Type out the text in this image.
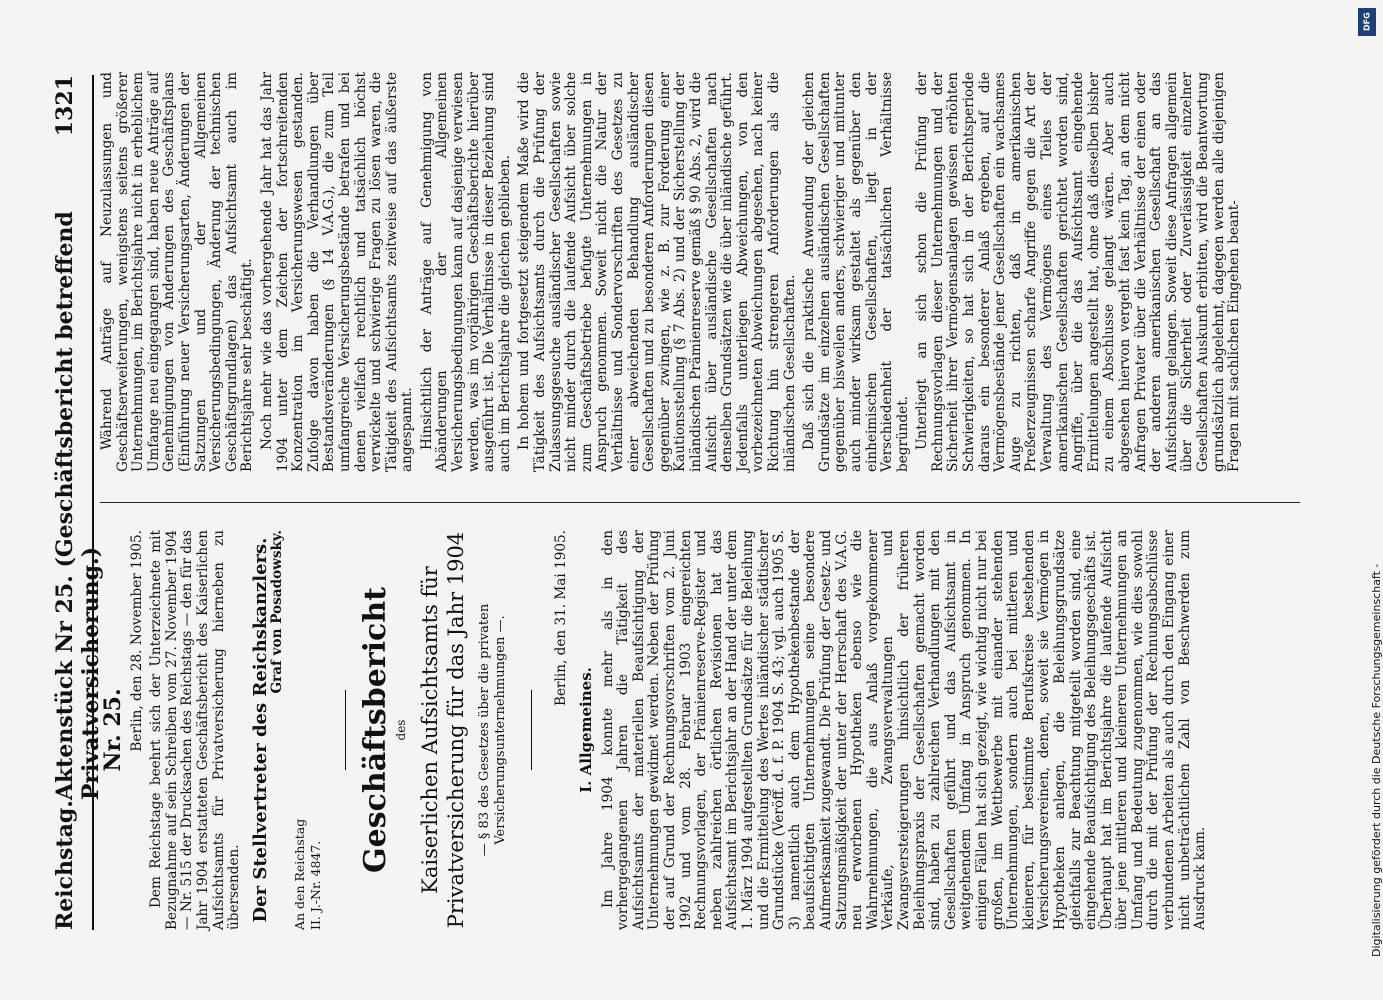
Reichstag.
Aktenstück Nr 25. (Geschäftsbericht betreffend Privatversicherung.)
1321
Nr. 25. Berlin, den 28. November 1905. Dem Reichstage beehrt sich der Unterzeichnete mit Bezugnahme auf sein Schreiben vom 27. November 1904 — Nr. 515 der Drucksachen des Reichstags — den für das Jahr 1904 erstatteten Geschäftsbericht des Kaiserlichen Aufsichtsamts für Privatversicherung hierneben zu übersenden. Der Stellvertreter des Reichskanzlers.
Graf von Posadowsky.
An den Reichstag II. J.-Nr. 4847.
Geschäftsbericht des Kaiserlichen Aufsichtsamts für Privatversicherung für das Jahr 1904 — § 83 des Gesetzes über die privaten Versicherungsunternehmungen —.	Berlin, den 31. Mai 1905.
I. Allgemeines. Im Jahre 1904 konnte mehr als in den vorhergegangenen Jahren die Tätigkeit des Aufsichtsamts der materiellen Beaufsichtigung der Unternehmungen gewidmet werden. Neben der Prüfung der auf Grund der Rechnungsvorschriften vom 2. Juni 1902 und vom 28. Februar 1903 eingereichten Rechnungsvorlagen, der Prämienreserve-Register und neben zahlreichen örtlichen Revisionen hat das Aufsichtsamt im Berichtsjahr an der Hand der unter dem 1. März 1904 aufgestellten Grundsätze für die Beleihung und die Ermittelung des Wertes inländischer städtischer Grundstücke (Veröff. d. f. P. 1904 S. 43; vgl. auch 1905 S. 3) namentlich auch dem Hypothekenbestande der beaufsichtigten Unternehmungen seine besondere Aufmerksamkeit zugewandt. Die Prüfung der Gesetz- und Satzungsmäßigkeit der unter der Herrschaft des V.A.G. neu erworbenen Hypotheken ebenso wie die Wahrnehmungen, die aus Anlaß vorgekommener Verkäufe, Zwangsverwaltungen und Zwangsversteigerungen hinsichtlich der früheren Beleihungspraxis der Gesellschaften gemacht worden sind, haben zu zahlreichen Verhandlungen mit den Gesellschaften geführt und das Aufsichtsamt in weitgehendem Umfang in Anspruch genommen. In einigen Fällen hat sich gezeigt, wie wichtig nicht nur bei großen, im Wettbewerbe mit einander stehenden Unternehmungen, sondern auch bei mittleren und kleineren, für bestimmte Berufskreise bestehenden Versicherungsvereinen, denen, soweit sie Vermögen in Hypotheken anlegen, die Beleihungsgrundsätze gleichfalls zur Beachtung mitgeteilt worden sind, eine eingehende Beaufsichtigung des Beleihungsgeschäfts ist. Überhaupt hat im Berichtsjahre die laufende Aufsicht über jene mittleren und kleineren Unternehmungen an Umfang und Bedeutung zugenommen, wie dies sowohl durch die mit der Prüfung der Rechnungsabschlüsse verbundenen Arbeiten als auch durch den Eingang einer nicht unbeträchtlichen Zahl von Beschwerden zum Ausdruck kam.

Während Anträge auf Neuzulassungen und Geschäftserweiterungen, wenigstens seitens größerer Unternehmungen, im Berichtsjahre nicht in erheblichem Umfange neu eingegangen sind, haben neue Anträge auf Genehmigungen von Änderungen des Geschäftsplans (Einführung neuer Versicherungsarten, Änderungen der Satzungen und der Allgemeinen Versicherungsbedingungen, Änderung der technischen Geschäftsgrundlagen) das Aufsichtsamt auch im Berichtsjahre sehr beschäftigt. Noch mehr wie das vorhergehende Jahr hat das Jahr 1904 unter dem Zeichen der fortschreitenden Konzentration im Versicherungswesen gestanden. Zufolge davon haben die Verhandlungen über Bestandsveränderungen (§ 14 V.A.G.), die zum Teil umfangreiche Versicherungsbestände betrafen und bei denen vielfach rechtlich und tatsächlich höchst verwickelte und schwierige Fragen zu lösen waren, die Tätigkeit des Aufsichtsamts zeitweise auf das äußerste angespannt. Hinsichtlich der Anträge auf Genehmigung von Abänderungen der Allgemeinen Versicherungsbedingungen kann auf dasjenige verwiesen werden, was im vorjährigen Geschäftsberichte hierüber ausgeführt ist. Die Verhältnisse in dieser Beziehung sind auch im Berichtsjahre die gleichen geblieben. In hohem und fortgesetzt steigendem Maße wird die Tätigkeit des Aufsichtsamts durch die Prüfung der Zulassungsgesuche ausländischer Gesellschaften sowie nicht minder durch die laufende Aufsicht über solche zum Geschäftsbetriebe befugte Unternehmungen in Anspruch genommen. Soweit nicht die Natur der Verhältnisse und Sondervorschriften des Gesetzes zu einer abweichenden Behandlung ausländischer Gesellschaften und zu besonderen Anforderungen diesen gegenüber zwingen, wie z. B. zur Forderung einer Kautionsstellung (§ 7 Abs. 2) und der Sicherstellung der inländischen Prämienreserve gemäß § 90 Abs. 2, wird die Aufsicht über ausländische Gesellschaften nach denselben Grundsätzen wie die über inländische geführt. Jedenfalls unterliegen Abweichungen, von den vorbezeichneten Abweichungen abgesehen, nach keiner Richtung hin strengeren Anforderungen als die inländischen Gesellschaften. Daß sich die praktische Anwendung der gleichen Grundsätze im einzelnen ausländischen Gesellschaften gegenüber bisweilen anders, schwieriger und mitunter auch minder wirksam gestaltet als gegenüber den einheimischen Gesellschaften, liegt in der Verschiedenheit der tatsächlichen Verhältnisse begründet. Unterliegt an sich schon die Prüfung der Rechnungsvorlagen dieser Unternehmungen und der Sicherheit ihrer Vermögensanlagen gewissen erhöhten Schwierigkeiten, so hat sich in der Berichtsperiode daraus ein besonderer Anlaß ergeben, auf die Vermögensbestände jener Gesellschaften ein wachsames Auge zu richten, daß in amerikanischen Preßerzeugnissen scharfe Angriffe gegen die Art der Verwaltung des Vermögens eines Teiles der amerikanischen Gesellschaften gerichtet worden sind, Angriffe, über die das Aufsichtsamt eingehende Ermittelungen angestellt hat, ohne daß dieselben bisher zu einem Abschlusse gelangt wären. Aber auch abgesehen hiervon vergeht fast kein Tag, an dem nicht Anfragen Privater über die Verhältnisse der einen oder der anderen amerikanischen Gesellschaft an das Aufsichtsamt gelangen. Soweit diese Anfragen allgemein über die Sicherheit oder Zuverlässigkeit einzelner Gesellschaften Auskunft erbitten, wird die Beantwortung grundsätzlich abgelehnt, dagegen werden alle diejenigen Fragen mit sachlichen Eingehen beant-

DFG
Digitalisierung gefördert durch die Deutsche Forschungsgemeinschaft -
